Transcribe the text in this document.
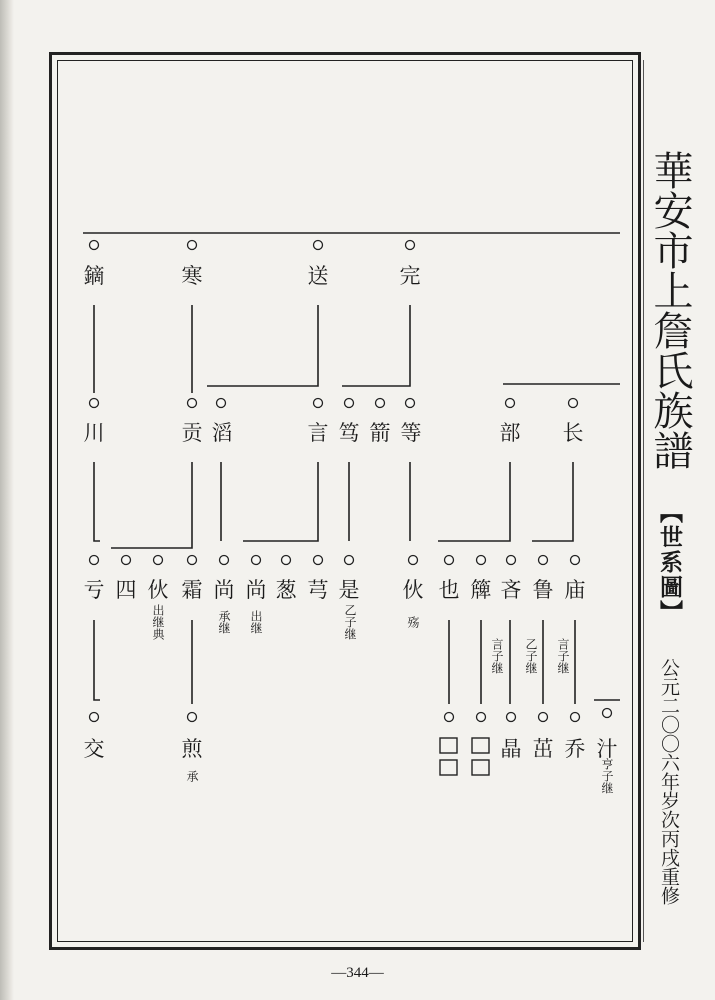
鏑	寒	送	完
川	贡 滔	言 笃 箭 等	部 长
亏 四 伙 霜 尚 尚 葱 芎 是 伙 也 簰 吝 鲁 庙
交	煎	晶 茁 乔 汁
出继典	承继 出继	乙子继	殇
言子继 乙子继 言子继
承	亨子继
華安市上詹氏族譜
【世系圖】
公元二〇〇六年岁次丙戌重修
—344—
